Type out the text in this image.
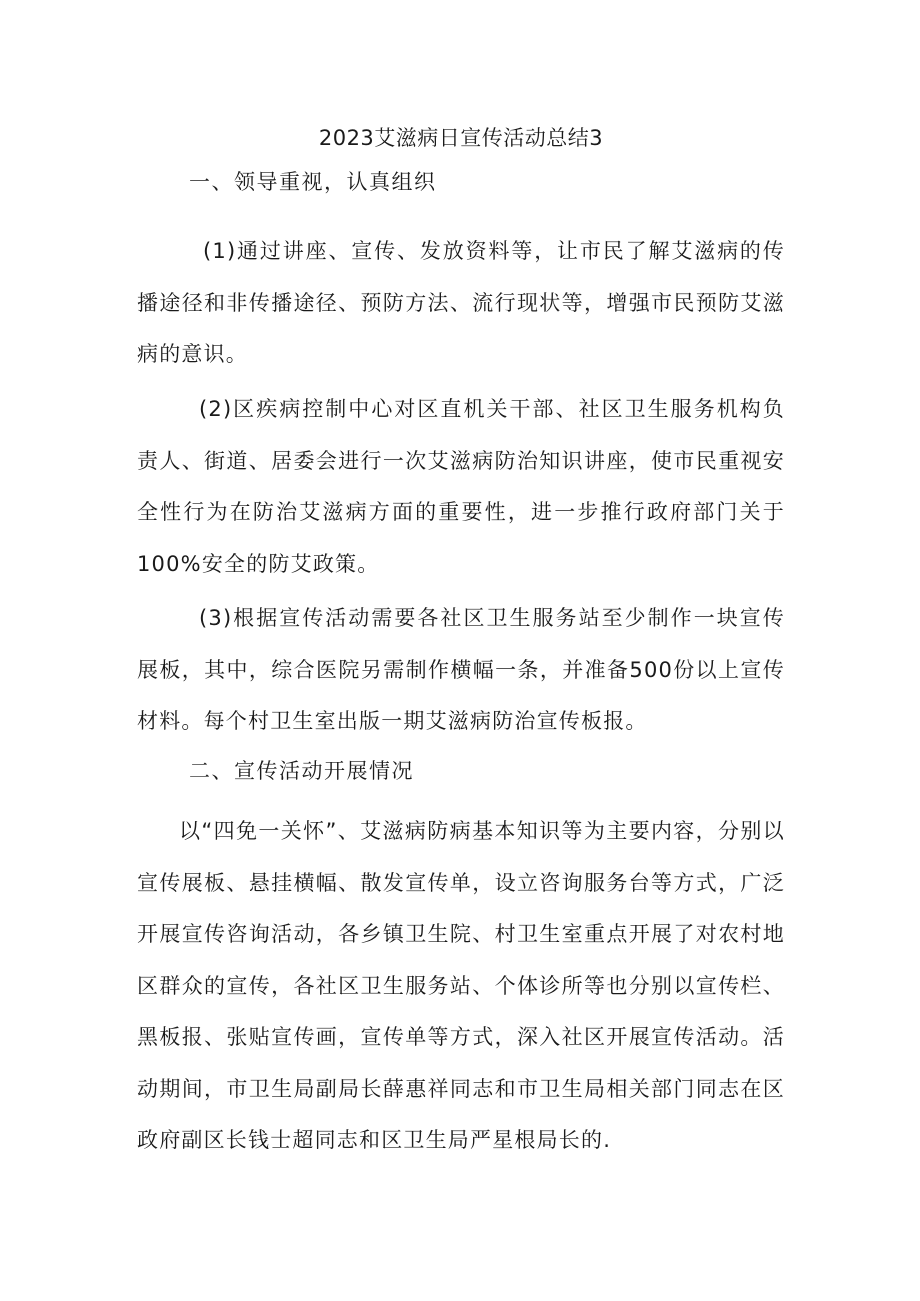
2023艾滋病日宣传活动总结3
一、领导重视，认真组织

(1)通过讲座、宣传、发放资料等，让市民了解艾滋病的传播途径和非传播途径、预防方法、流行现状等，增强市民预防艾滋病的意识。

(2)区疾病控制中心对区直机关干部、社区卫生服务机构负责人、街道、居委会进行一次艾滋病防治知识讲座，使市民重视安全性行为在防治艾滋病方面的重要性，进一步推行政府部门关于100%安全的防艾政策。

(3)根据宣传活动需要各社区卫生服务站至少制作一块宣传展板，其中，综合医院另需制作横幅一条，并准备500份以上宣传材料。每个村卫生室出版一期艾滋病防治宣传板报。

二、宣传活动开展情况

以“四免一关怀”、艾滋病防病基本知识等为主要内容，分别以宣传展板、悬挂横幅、散发宣传单，设立咨询服务台等方式，广泛开展宣传咨询活动，各乡镇卫生院、村卫生室重点开展了对农村地区群众的宣传，各社区卫生服务站、个体诊所等也分别以宣传栏、黑板报、张贴宣传画，宣传单等方式，深入社区开展宣传活动。活动期间，市卫生局副局长薛惠祥同志和市卫生局相关部门同志在区政府副区长钱士超同志和区卫生局严星根局长的.
